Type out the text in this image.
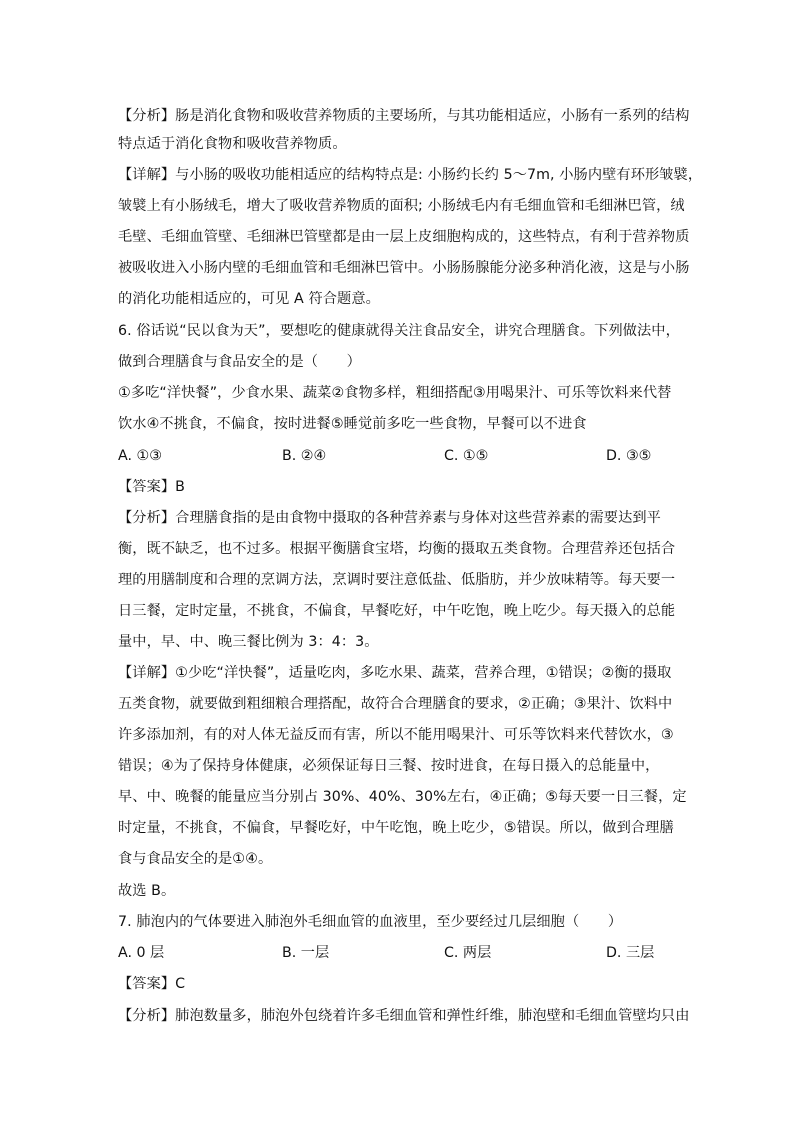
【分析】肠是消化食物和吸收营养物质的主要场所，与其功能相适应，小肠有一系列的结构
特点适于消化食物和吸收营养物质。
【详解】与小肠的吸收功能相适应的结构特点是: 小肠约长约 5～7m, 小肠内壁有环形皱襞，
皱襞上有小肠绒毛，增大了吸收营养物质的面积; 小肠绒毛内有毛细血管和毛细淋巴管，绒
毛壁、毛细血管壁、毛细淋巴管壁都是由一层上皮细胞构成的，这些特点，有利于营养物质
被吸收进入小肠内壁的毛细血管和毛细淋巴管中。小肠肠腺能分泌多种消化液，这是与小肠
的消化功能相适应的，可见 A 符合题意。
6. 俗话说“民以食为天”，要想吃的健康就得关注食品安全，讲究合理膳食。下列做法中，
做到合理膳食与食品安全的是（　　）
①多吃“洋快餐”，少食水果、蔬菜②食物多样，粗细搭配③用喝果汁、可乐等饮料来代替
饮水④不挑食，不偏食，按时进餐⑤睡觉前多吃一些食物，早餐可以不进食
A. ①③	B. ②④	C. ①⑤	D. ③⑤
【答案】B
【分析】合理膳食指的是由食物中摄取的各种营养素与身体对这些营养素的需要达到平
衡，既不缺乏，也不过多。根据平衡膳食宝塔，均衡的摄取五类食物。合理营养还包括合
理的用膳制度和合理的烹调方法，烹调时要注意低盐、低脂肪，并少放味精等。每天要一
日三餐，定时定量，不挑食，不偏食，早餐吃好，中午吃饱，晚上吃少。每天摄入的总能
量中，早、中、晚三餐比例为 3：4：3。
【详解】①少吃“洋快餐”，适量吃肉，多吃水果、蔬菜，营养合理，①错误；②衡的摄取
五类食物，就要做到粗细粮合理搭配，故符合合理膳食的要求，②正确；③果汁、饮料中
许多添加剂，有的对人体无益反而有害，所以不能用喝果汁、可乐等饮料来代替饮水，③
错误；④为了保持身体健康，必须保证每日三餐、按时进食，在每日摄入的总能量中，
早、中、晚餐的能量应当分别占 30%、40%、30%左右，④正确；⑤每天要一日三餐，定
时定量，不挑食，不偏食，早餐吃好，中午吃饱，晚上吃少，⑤错误。所以，做到合理膳
食与食品安全的是①④。
故选 B。
7. 肺泡内的气体要进入肺泡外毛细血管的血液里，至少要经过几层细胞（　　）
A. 0 层	B. 一层	C. 两层	D. 三层
【答案】C
【分析】肺泡数量多，肺泡外包绕着许多毛细血管和弹性纤维，肺泡壁和毛细血管壁均只由
